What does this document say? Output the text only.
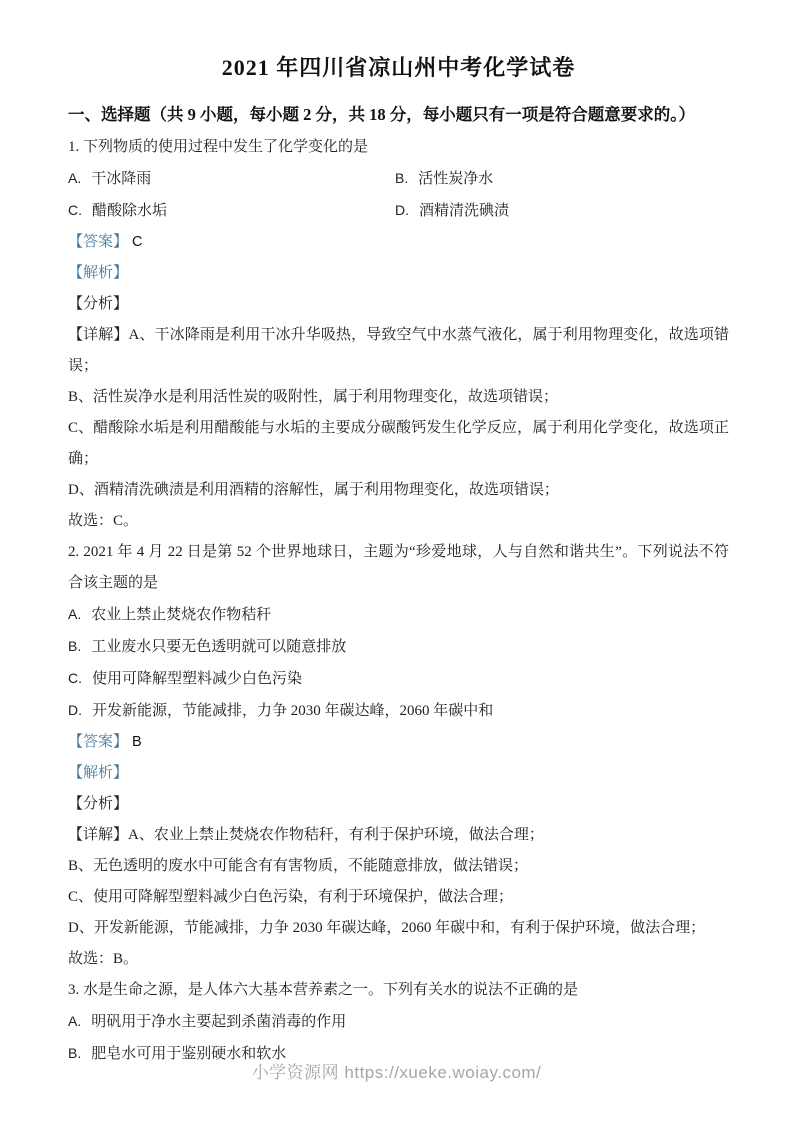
2021 年四川省凉山州中考化学试卷

一、选择题（共 9 小题，每小题 2 分，共 18 分，每小题只有一项是符合题意要求的。）

1. 下列物质的使用过程中发生了化学变化的是

A. 干冰降雨	B. 活性炭净水
C. 醋酸除水垢	D. 酒精清洗碘渍

【答案】 C

【解析】

【分析】

【详解】A、干冰降雨是利用干冰升华吸热，导致空气中水蒸气液化，属于利用物理变化，故选项错误；

B、活性炭净水是利用活性炭的吸附性，属于利用物理变化，故选项错误；

C、醋酸除水垢是利用醋酸能与水垢的主要成分碳酸钙发生化学反应，属于利用化学变化，故选项正确；

D、酒精清洗碘渍是利用酒精的溶解性，属于利用物理变化，故选项错误；

故选：C。

2. 2021 年 4 月 22 日是第 52 个世界地球日，主题为“珍爱地球，人与自然和谐共生”。下列说法不符合该主题的是

A. 农业上禁止焚烧农作物秸秆

B. 工业废水只要无色透明就可以随意排放

C. 使用可降解型塑料减少白色污染

D. 开发新能源，节能减排，力争 2030 年碳达峰，2060 年碳中和

【答案】 B

【解析】

【分析】

【详解】A、农业上禁止焚烧农作物秸秆，有利于保护环境，做法合理；

B、无色透明的废水中可能含有有害物质，不能随意排放，做法错误；

C、使用可降解型塑料减少白色污染，有利于环境保护，做法合理；

D、开发新能源，节能减排，力争 2030 年碳达峰，2060 年碳中和，有利于保护环境，做法合理；

故选：B。

3. 水是生命之源，是人体六大基本营养素之一。下列有关水的说法不正确的是

A. 明矾用于净水主要起到杀菌消毒的作用

B. 肥皂水可用于鉴别硬水和软水

小学资源网 https://xueke.woiay.com/
